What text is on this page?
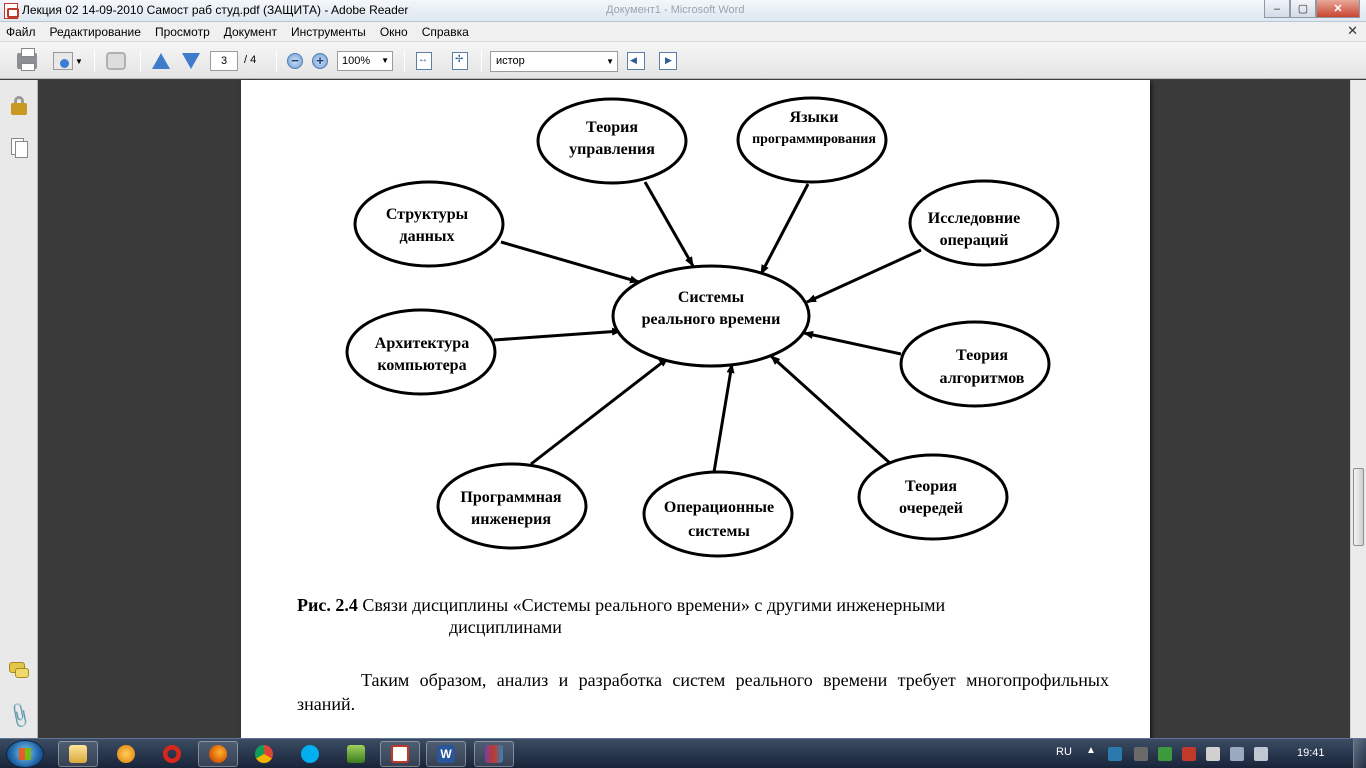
Лекция 02 14-09-2010 Самост раб студ.pdf (ЗАЩИТА) - Adobe Reader	Документ1 - Microsoft Word	–	▢	✕
Файл	Редактирование	Просмотр	Документ	Инструменты	Окно	Справка	✕
▼	3	/ 4	−	+	100% ▼ ↔ ✢	истор	▼
◀
▶
📎
Системы
реального времени
Теория
управления
Языки
программирования
Структуры
данных
Исследовние
операций
Архитектура
компьютера
Теория
алгоритмов
Программная
инженерия
Операционные
системы
Теория
очередей
Рис. 2.4 Связи дисциплины «Системы реального времени» с другими инженерными
дисциплинами
Таким образом, анализ и разработка систем реального времени требует многопрофильных знаний.
W	RU ▲	19:41
